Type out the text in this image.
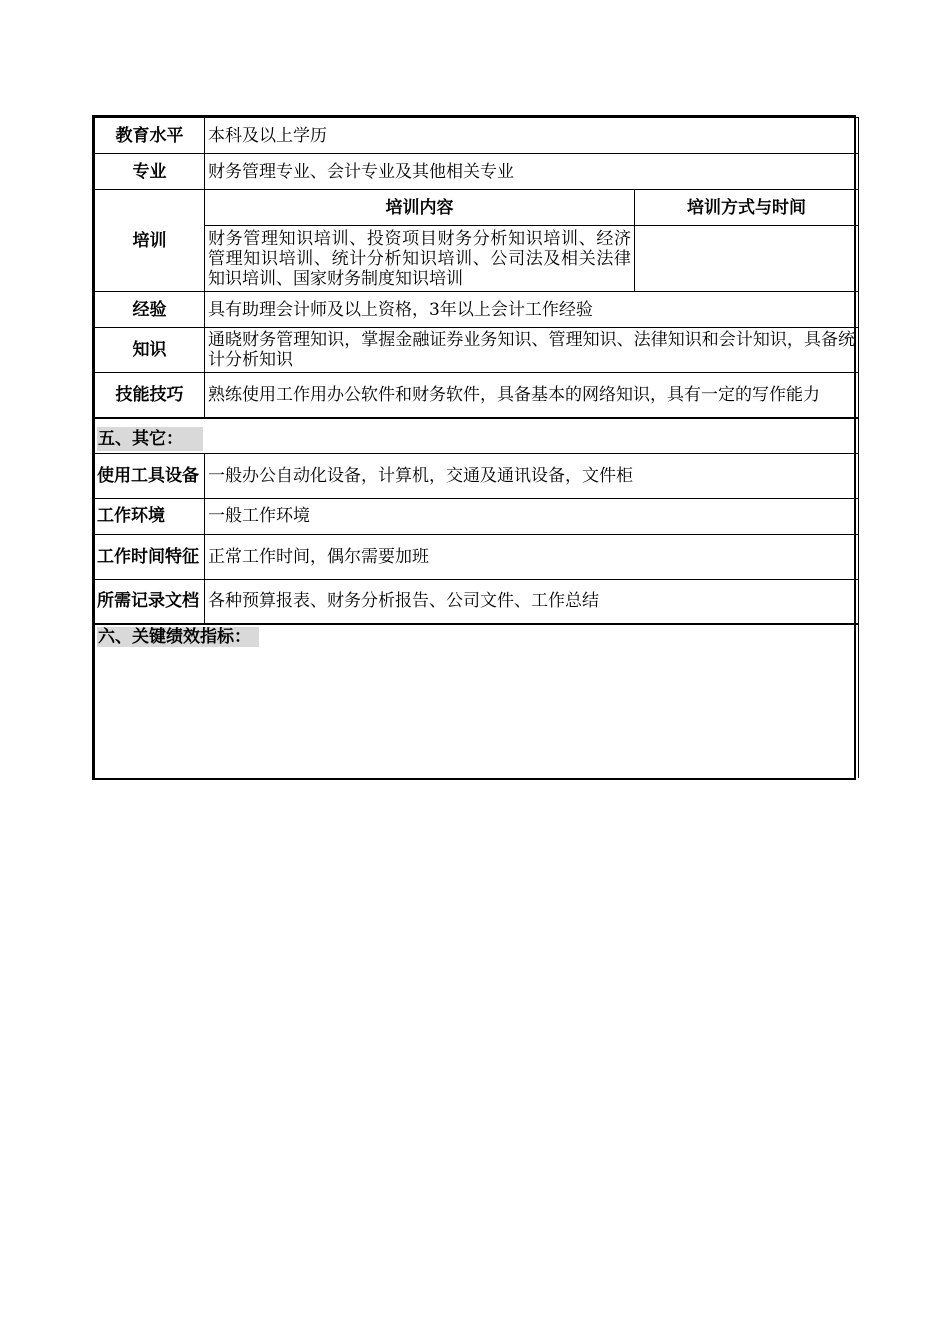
教育水平	本科及以上学历	
专业	财务管理专业、会计专业及其他相关专业	
培训	培训内容	培训方式与时间
	财务管理知识培训、投资项目财务分析知识培训、经济管理知识培训、统计分析知识培训、公司法及相关法律知识培训、国家财务制度知识培训	
经验	具有助理会计师及以上资格，3年以上会计工作经验	
知识	通晓财务管理知识，掌握金融证券业务知识、管理知识、法律知识和会计知识，具备统计分析知识	
技能技巧	熟练使用工作用办公软件和财务软件，具备基本的网络知识，具有一定的写作能力	
五、其它：		
使用工具设备	一般办公自动化设备，计算机，交通及通讯设备，文件柜	
工作环境	一般工作环境	
工作时间特征	正常工作时间，偶尔需要加班	
所需记录文档	各种预算报表、财务分析报告、公司文件、工作总结	
六、关键绩效指标：		
